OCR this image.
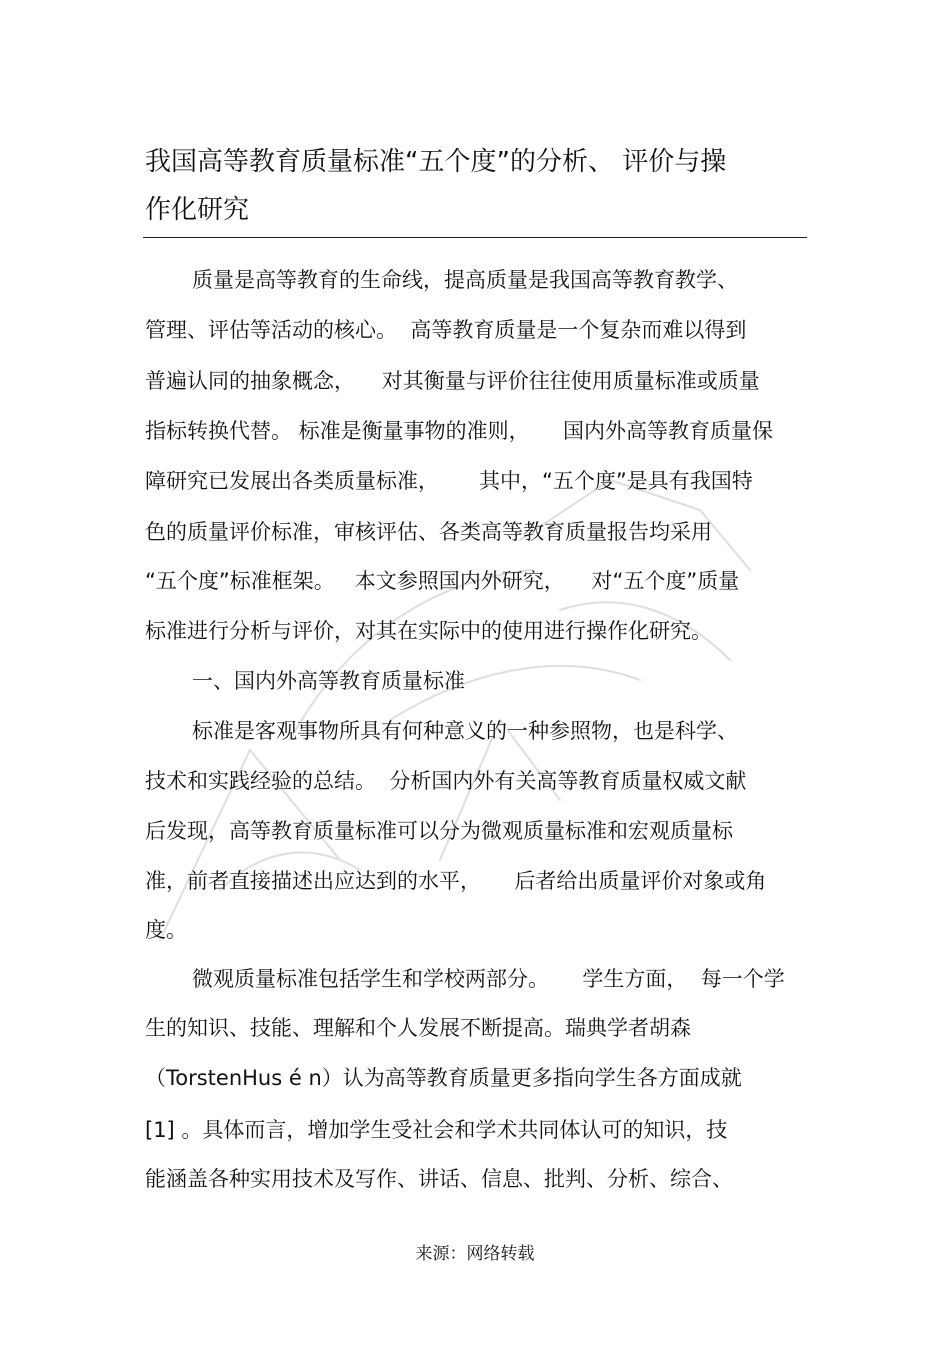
我国高等教育质量标准“五个度”的分析、 评价与操
作化研究
质量是高等教育的生命线，提高质量是我国高等教育教学、
管理、评估等活动的核心。  高等教育质量是一个复杂而难以得到
普遍认同的抽象概念，    对其衡量与评价往往使用质量标准或质量
指标转换代替。 标准是衡量事物的准则，     国内外高等教育质量保
障研究已发展出各类质量标准，      其中，“五个度”是具有我国特
色的质量评价标准，审核评估、各类高等教育质量报告均采用
“五个度”标准框架。   本文参照国内外研究，    对“五个度”质量
标准进行分析与评价，对其在实际中的使用进行操作化研究。
一、国内外高等教育质量标准
标准是客观事物所具有何种意义的一种参照物，也是科学、
技术和实践经验的总结。  分析国内外有关高等教育质量权威文献
后发现，高等教育质量标准可以分为微观质量标准和宏观质量标
准，前者直接描述出应达到的水平，     后者给出质量评价对象或角
度。
微观质量标准包括学生和学校两部分。     学生方面，  每一个学
生的知识、技能、理解和个人发展不断提高。瑞典学者胡森
（TorstenHus é n）认为高等教育质量更多指向学生各方面成就
[1] 。具体而言，增加学生受社会和学术共同体认可的知识，技
能涵盖各种实用技术及写作、讲话、信息、批判、分析、综合、
来源：网络转载
